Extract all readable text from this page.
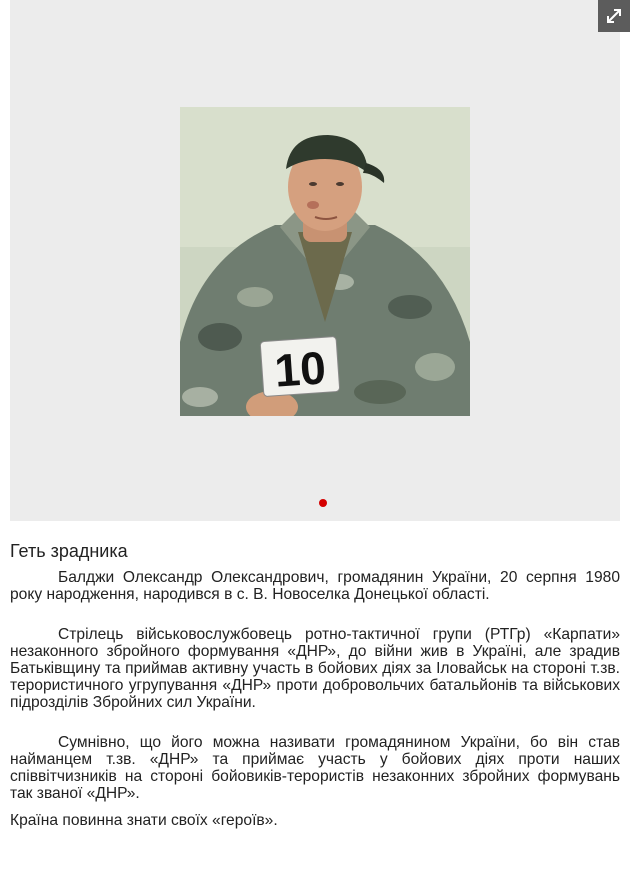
10
Геть зрадника

Балджи Олександр Олександрович, громадянин України, 20 серпня 1980 року народження, народився в с. В. Новоселка Донецької області.

Стрілець військовослужбовець ротно-тактичної групи (РТГр) «Карпати» незаконного збройного формування «ДНР», до війни жив в Україні, але зрадив Батьківщину та приймав активну участь в бойових діях за Іловайськ на стороні т.зв. терористичного угрупування «ДНР» проти добровольчих батальйонів та військових підрозділів Збройних сил України.

Сумнівно, що його можна називати громадянином України, бо він став найманцем т.зв. «ДНР» та приймає участь у бойових діях проти наших співвітчизників на стороні бойовиків-терористів незаконних збройних формувань так званої «ДНР».

Країна повинна знати своїх «героїв».
